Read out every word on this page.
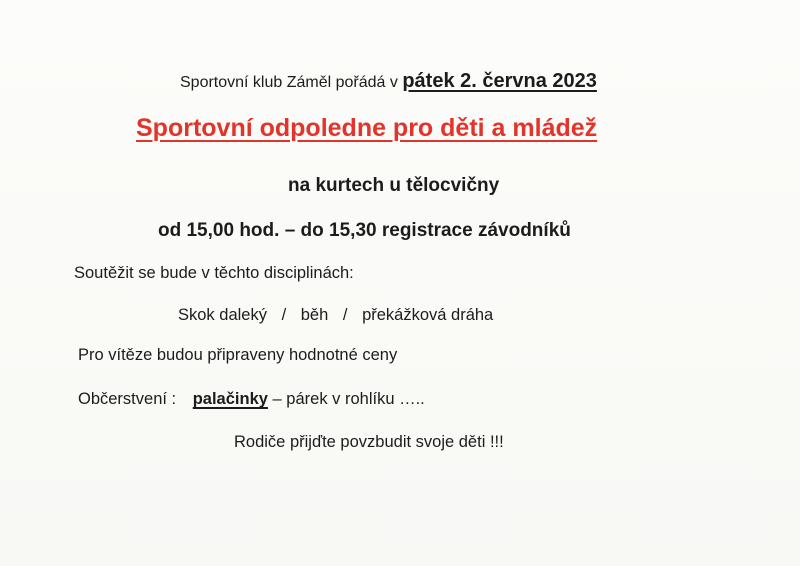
Sportovní klub Záměl pořádá v pátek 2. června 2023
Sportovní odpoledne pro děti a mládež
na kurtech u tělocvičny
od 15,00 hod. – do 15,30 registrace závodníků
Soutěžit se bude v těchto disciplinách:
Skok daleký / běh / překážková dráha
Pro vítěze budou připraveny hodnotné ceny
Občerstvení : palačinky – párek v rohlíku …..
Rodiče přijďte povzbudit svoje děti !!!
